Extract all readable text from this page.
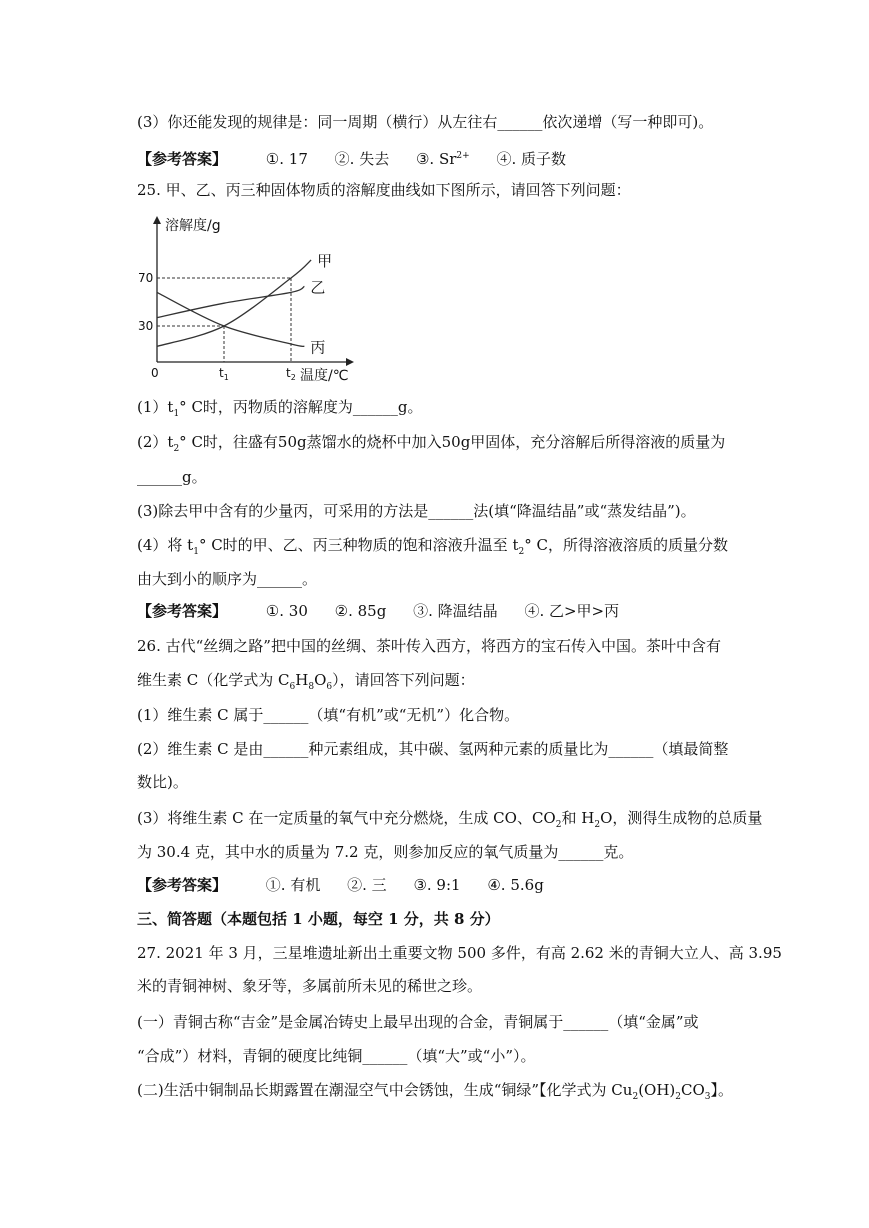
(3）你还能发现的规律是：同一周期（横行）从左往右______依次递增（写一种即可)。
【参考答案】	①. 17 ②. 失去 ③. $Sr^{2+}$ ④. 质子数
25. 甲、乙、丙三种固体物质的溶解度曲线如下图所示，请回答下列问题：
溶解度/g
温度/℃
0
30
70
$t_1$	$t_2$
甲
乙
丙
$(1)t_1^\circ$ C时，丙物质的溶解度为______g。
$(2)t_2^\circ$ C时，往盛有50g蒸馏水的烧杯中加入50g甲固体，充分溶解后所得溶液的质量为
______g。
(3)除去甲中含有的少量丙，可采用的方法是______法(填“降温结晶”或“蒸发结晶”)。
(4）将 $t_1^\circ$ C时的甲、乙、丙三种物质的饱和溶液升温至 $t_2^\circ$ C，所得溶液溶质的质量分数
由大到小的顺序为______。
【参考答案】	①. 30 ②. 85g ③. 降温结晶 ④. 乙>甲>丙
26. 古代“丝绸之路”把中国的丝绸、茶叶传入西方，将西方的宝石传入中国。茶叶中含有
维生素 C（化学式为 $C_6H_8O_6$），请回答下列问题：
(1）维生素 C 属于______（填“有机”或“无机”）化合物。
(2）维生素 C 是由______种元素组成，其中碳、氢两种元素的质量比为______（填最简整
数比)。
(3）将维生素 C 在一定质量的氧气中充分燃烧，生成 CO、$CO_2$和 $H_2O$，测得生成物的总质量
为 30.4 克，其中水的质量为 7.2 克，则参加反应的氧气质量为______克。
【参考答案】	①. 有机 ②. 三 ③. 9:1 ④. 5.6g
三、简答题（本题包括 1 小题，每空 1 分，共 8 分）
27. 2021 年 3 月，三星堆遗址新出土重要文物 500 多件，有高 2.62 米的青铜大立人、高 3.95
米的青铜神树、象牙等，多属前所未见的稀世之珍。
(一）青铜古称“吉金”是金属冶铸史上最早出现的合金，青铜属于______（填“金属”或
“合成”）材料，青铜的硬度比纯铜______（填“大”或“小”）。
(二)生活中铜制品长期露置在潮湿空气中会锈蚀，生成“铜绿”【化学式为 $Cu_2(OH)_2CO_3$】。
